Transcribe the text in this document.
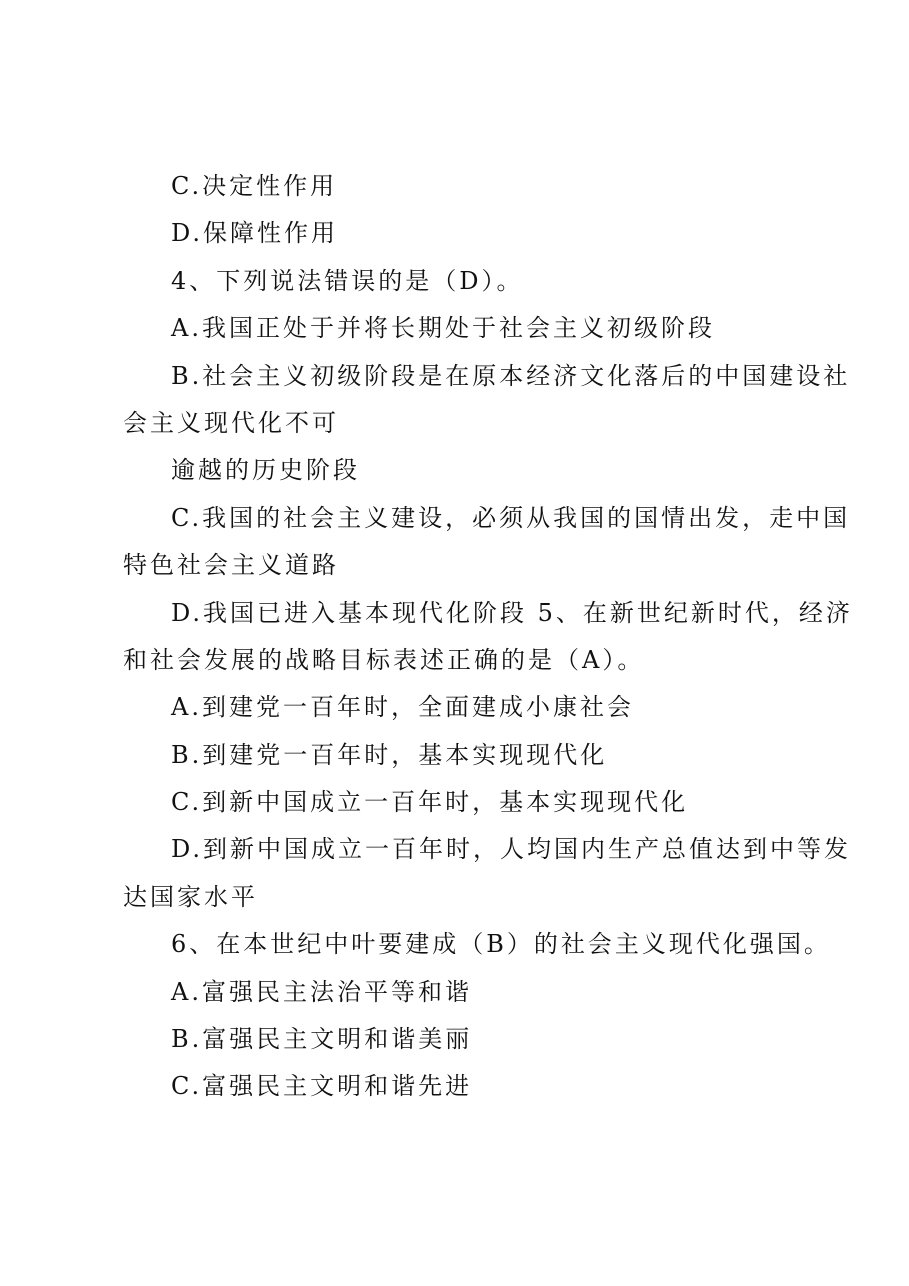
C.决定性作用
D.保障性作用
4、下列说法错误的是（D）。
A.我国正处于并将长期处于社会主义初级阶段
B.社会主义初级阶段是在原本经济文化落后的中国建设社
会主义现代化不可
逾越的历史阶段
C.我国的社会主义建设，必须从我国的国情出发，走中国
特色社会主义道路
D.我国已进入基本现代化阶段 5、在新世纪新时代，经济
和社会发展的战略目标表述正确的是（A）。
A.到建党一百年时，全面建成小康社会
B.到建党一百年时，基本实现现代化
C.到新中国成立一百年时，基本实现现代化
D.到新中国成立一百年时，人均国内生产总值达到中等发
达国家水平
6、在本世纪中叶要建成（B）的社会主义现代化强国。
A.富强民主法治平等和谐
B.富强民主文明和谐美丽
C.富强民主文明和谐先进
